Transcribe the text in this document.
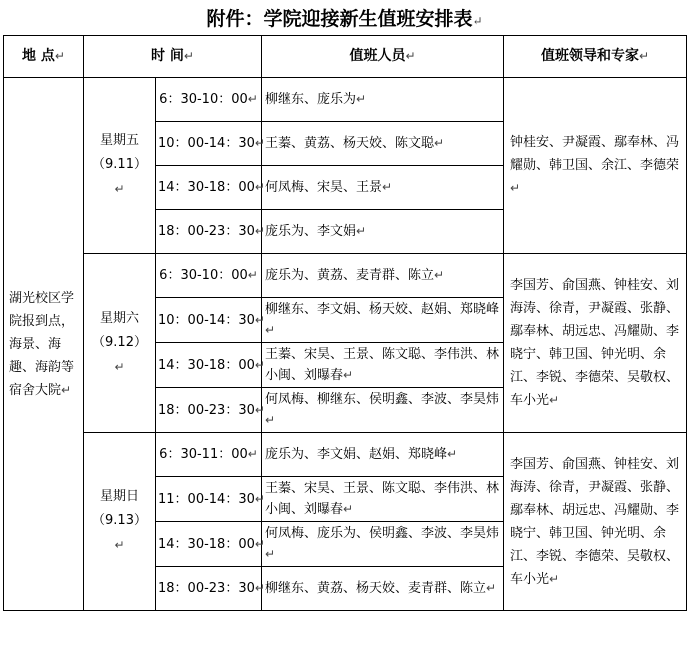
附件：学院迎接新生值班安排表↵
地 点↵	时 间↵		值班人员↵	值班领导和专家↵
湖光校区学院报到点，海景、海趣、海韵等宿舍大院↵	星期五
（9.11）↵	6：30-10：00↵	柳继东、庞乐为↵	钟桂安、尹凝霞、鄢奉林、冯耀勋、韩卫国、余江、李德荣↵
		10：00-14：30↵	王蓁、黄荔、杨天姣、陈文聪↵	
		14：30-18：00↵	何凤梅、宋昊、王景↵	
		18：00-23：30↵	庞乐为、李文娟↵	
	星期六
（9.12）↵	6：30-10：00↵	庞乐为、黄荔、麦青群、陈立↵	李国芳、俞国燕、钟桂安、刘海涛、徐青，尹凝霞、张静、鄢奉林、胡远忠、冯耀勋、李晓宁、韩卫国、钟光明、余江、李锐、李德荣、吴敬权、车小光↵
		10：00-14：30↵	柳继东、李文娟、杨天姣、赵娟、郑晓峰↵	
		14：30-18：00↵	王蓁、宋昊、王景、陈文聪、李伟洪、林小闽、刘曝春↵	
		18：00-23：30↵	何凤梅、柳继东、侯明鑫、李波、李昊炜↵	
	星期日
（9.13）
↵	6：30-11：00↵	庞乐为、李文娟、赵娟、郑晓峰↵	李国芳、俞国燕、钟桂安、刘海涛、徐青，尹凝霞、张静、鄢奉林、胡远忠、冯耀勋、李晓宁、韩卫国、钟光明、余江、李锐、李德荣、吴敬权、车小光↵
		11：00-14：30↵	王蓁、宋昊、王景、陈文聪、李伟洪、林小闽、刘曝春↵	
		14：30-18：00↵	何凤梅、庞乐为、侯明鑫、李波、李昊炜↵	
		18：00-23：30↵	柳继东、黄荔、杨天姣、麦青群、陈立↵	
